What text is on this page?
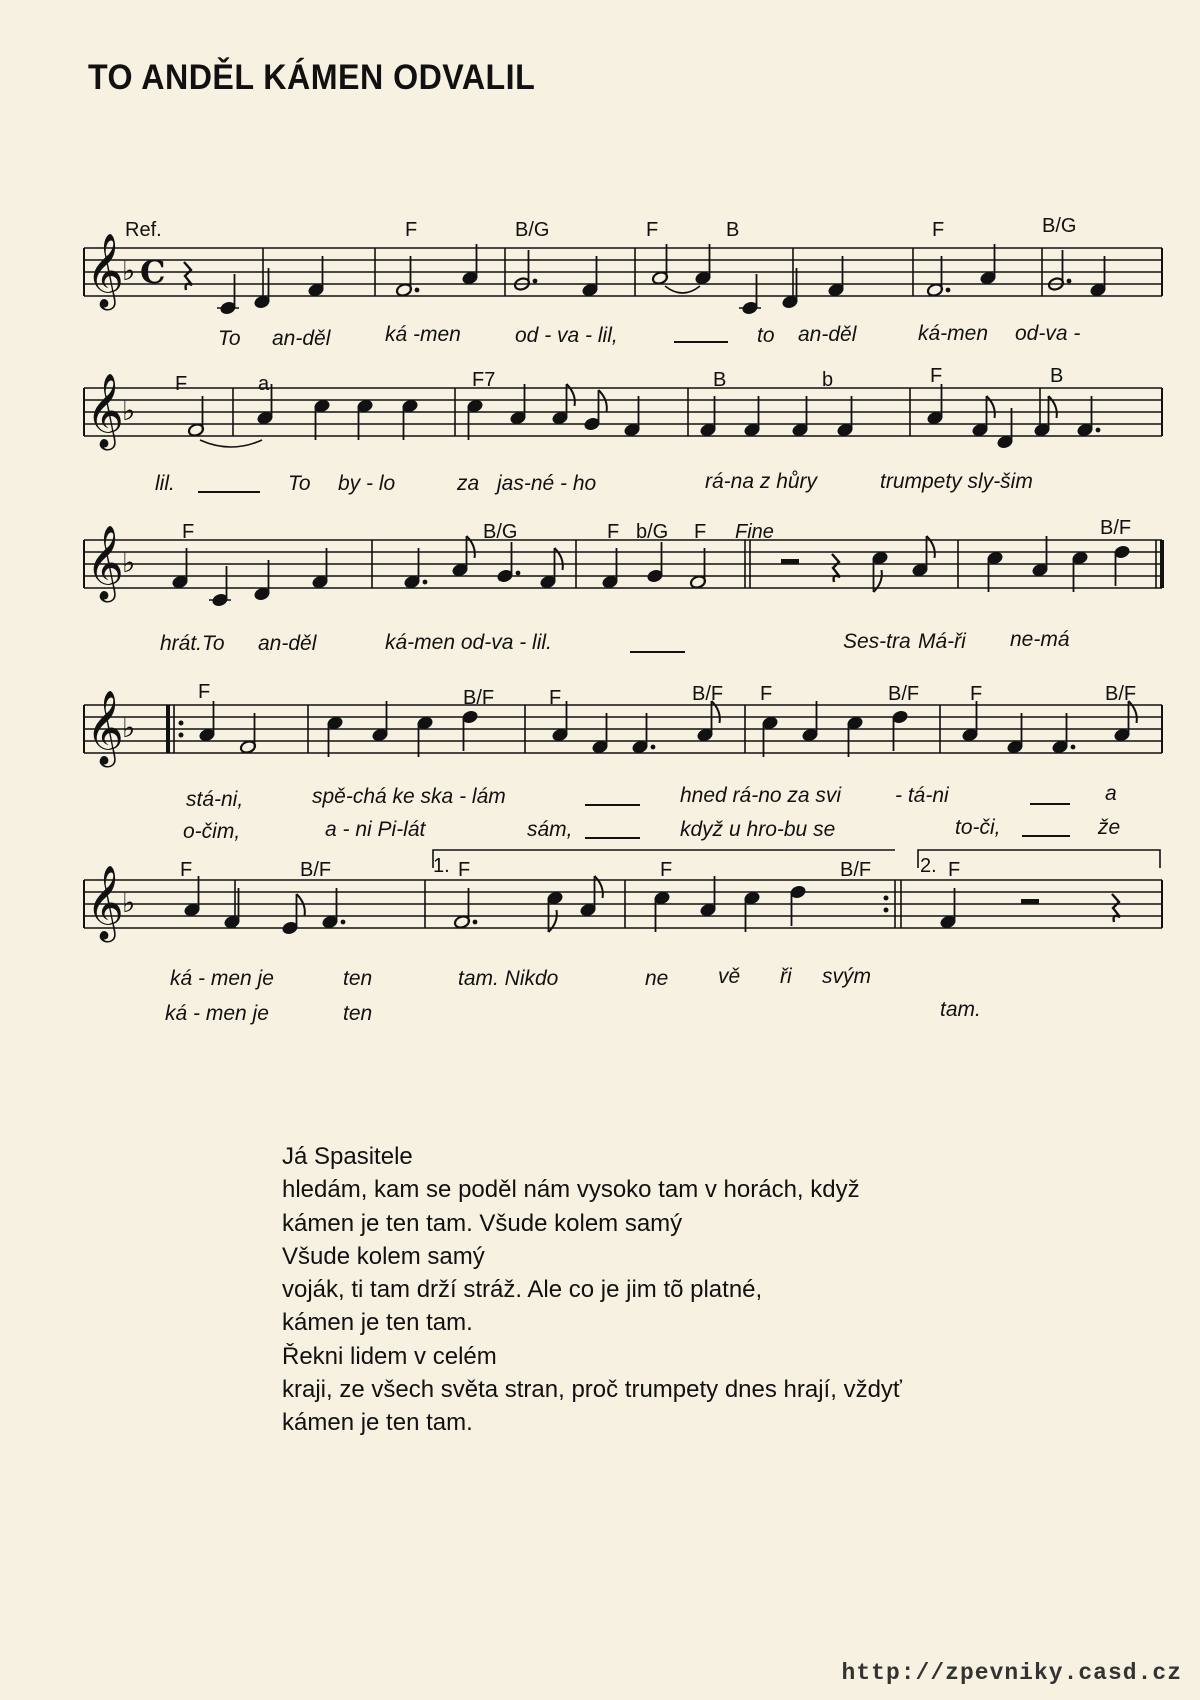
TO ANDĚL KÁMEN ODVALIL
𝄞
♭ C
𝄞
♭
𝄞
♭
𝄞
♭
𝄞
♭
Ref.	F	B/G	F	B	F	B/G
To an-děl	ká -men	od - va - lil,	to an-děl	ká-men od-va -
F	a	F7	B	b	F	B
lil.	To by - lo	za jas-né - ho	rá-na z hůry	trumpety sly-šim
F	B/G	F b/G F Fine	B/F
hrát.To an-děl	ká-men od-va - lil.	Ses-tra Má-ři ne-má
F	B/F	F	B/F F	B/F	F	B/F
stá-ni,	spě-chá ke ska - lám	hned rá-no za svi	- tá-ni	a
o-čim,	a - ni Pi-lát	sám,	když u hro-bu se	to-či,	že
F	B/F	1. F	F	B/F 2. F
ká - men je	ten	tam. Nikdo	ne vě ři svým
ká - men je	ten	tam.
Já Spasitele
hledám, kam se poděl nám vysoko tam v horách, když
kámen je ten tam. Všude kolem samý
Všude kolem samý
voják, ti tam drží stráž. Ale co je jim tõ platné,
kámen je ten tam.
Řekni lidem v celém
kraji, ze všech světa stran, proč trumpety dnes hrají, vždyť
kámen je ten tam.
http://zpevniky.casd.cz
